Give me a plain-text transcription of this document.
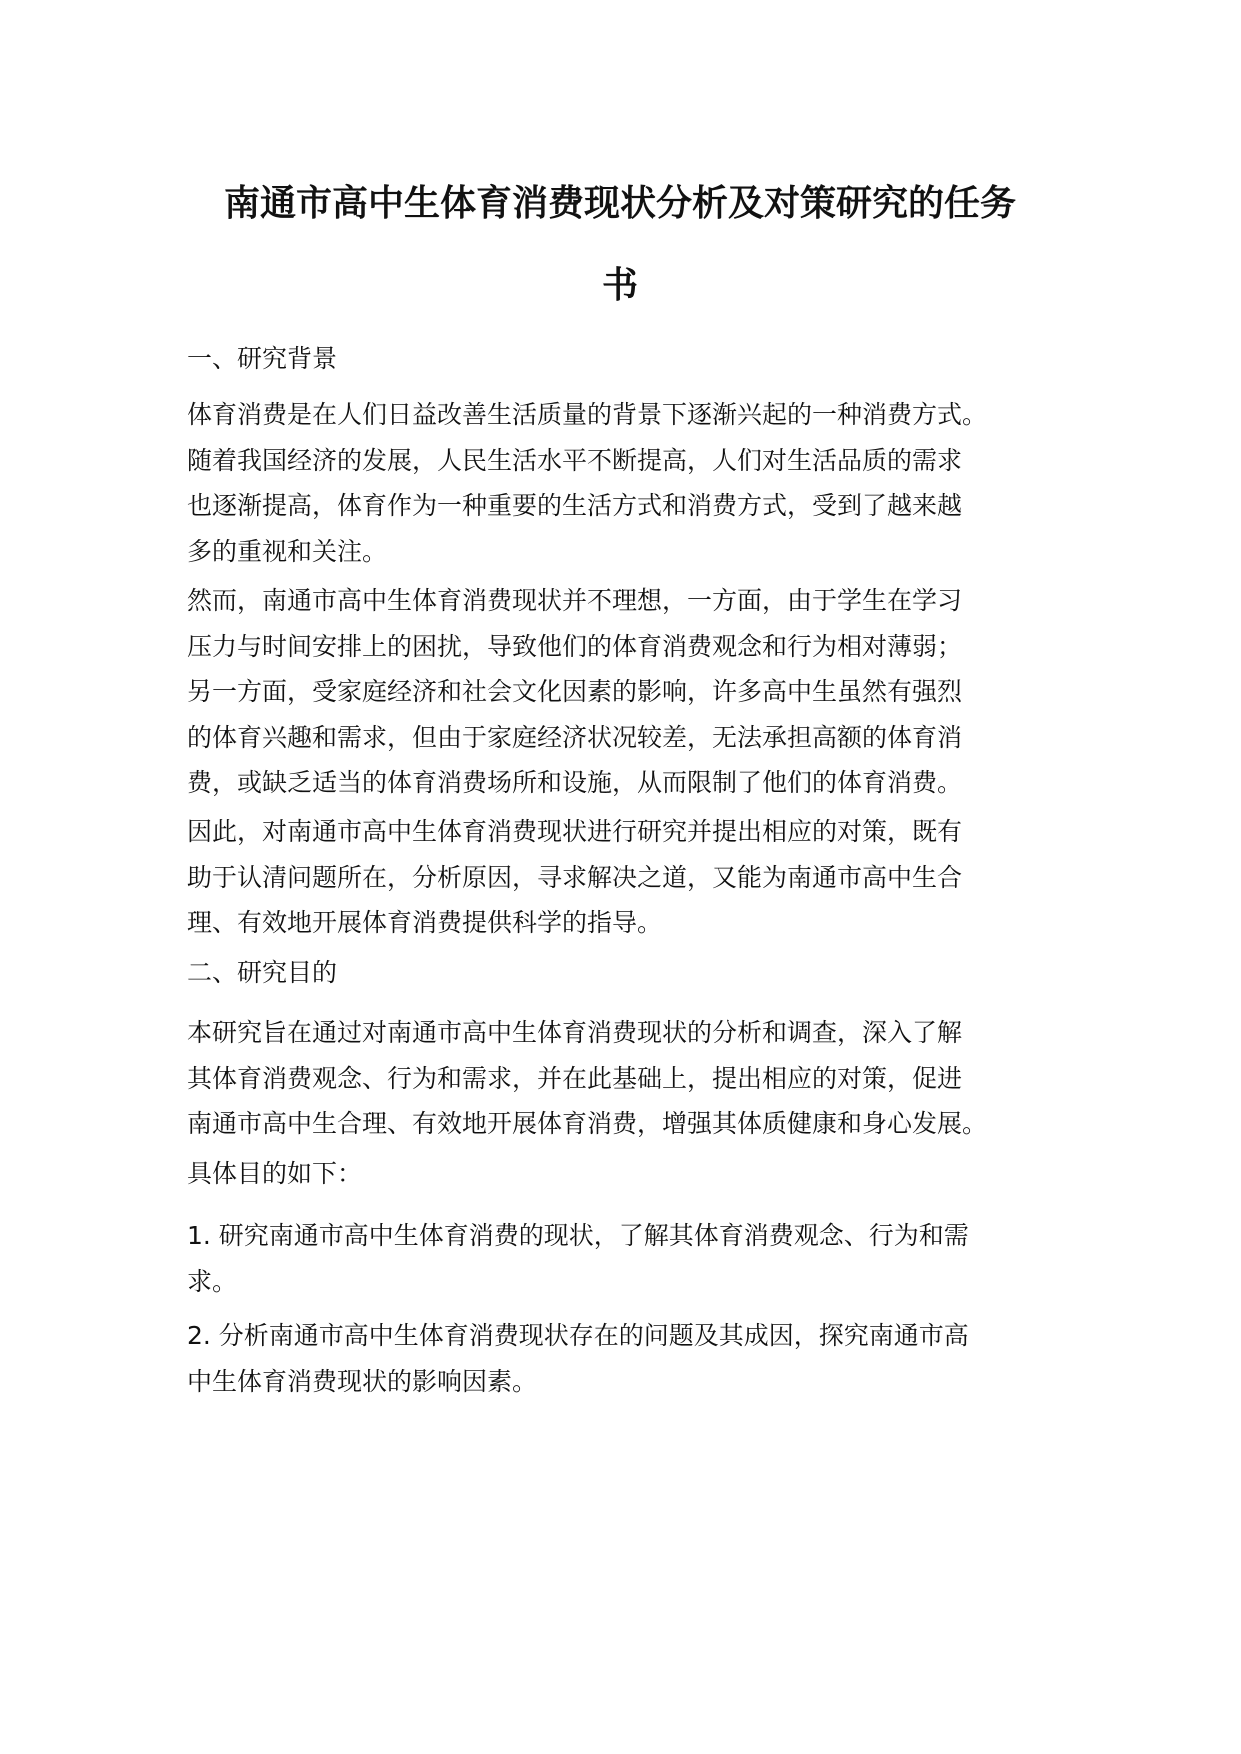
南通市高中生体育消费现状分析及对策研究的任务
书
一、研究背景
体育消费是在人们日益改善生活质量的背景下逐渐兴起的一种消费方式。
随着我国经济的发展，人民生活水平不断提高，人们对生活品质的需求
也逐渐提高，体育作为一种重要的生活方式和消费方式，受到了越来越
多的重视和关注。
然而，南通市高中生体育消费现状并不理想，一方面，由于学生在学习
压力与时间安排上的困扰，导致他们的体育消费观念和行为相对薄弱；
另一方面，受家庭经济和社会文化因素的影响，许多高中生虽然有强烈
的体育兴趣和需求，但由于家庭经济状况较差，无法承担高额的体育消
费，或缺乏适当的体育消费场所和设施，从而限制了他们的体育消费。
因此，对南通市高中生体育消费现状进行研究并提出相应的对策，既有
助于认清问题所在，分析原因，寻求解决之道，又能为南通市高中生合
理、有效地开展体育消费提供科学的指导。
二、研究目的
本研究旨在通过对南通市高中生体育消费现状的分析和调查，深入了解
其体育消费观念、行为和需求，并在此基础上，提出相应的对策，促进
南通市高中生合理、有效地开展体育消费，增强其体质健康和身心发展。
具体目的如下：
1. 研究南通市高中生体育消费的现状，了解其体育消费观念、行为和需
求。
2. 分析南通市高中生体育消费现状存在的问题及其成因，探究南通市高
中生体育消费现状的影响因素。
